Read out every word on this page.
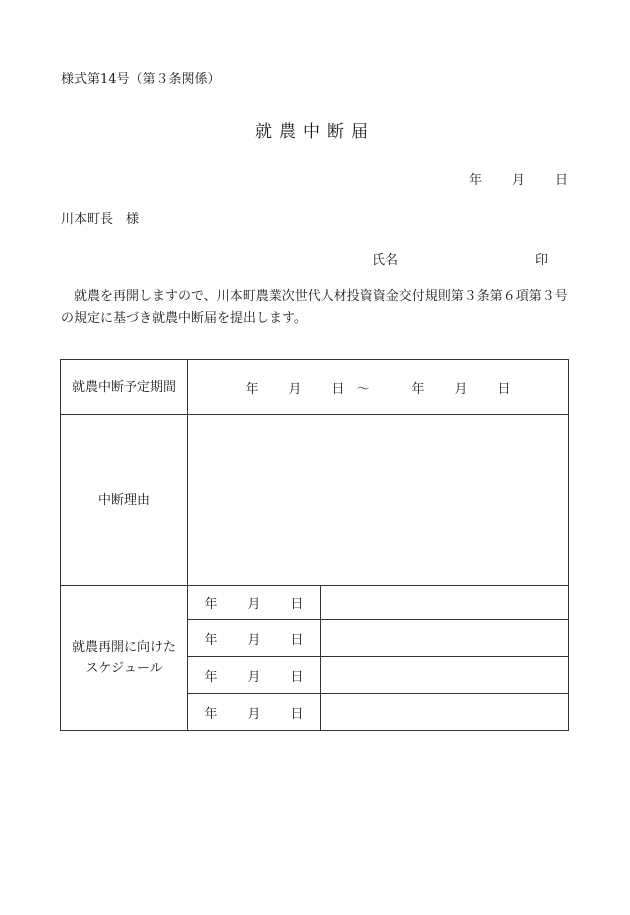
様式第14号（第３条関係）
就農中断届
年 月 日
川本町長　様
氏名	印
就農を再開しますので、川本町農業次世代人材投資資金交付規則第３条第６項第３号の規定に基づき就農中断届を提出します。
就農中断予定期間	年 月 日 ～ 年 月 日	
中断理由		
就農再開に向けた
スケジュール	年 月 日	
	年 月 日	
	年 月 日	
	年 月 日	
